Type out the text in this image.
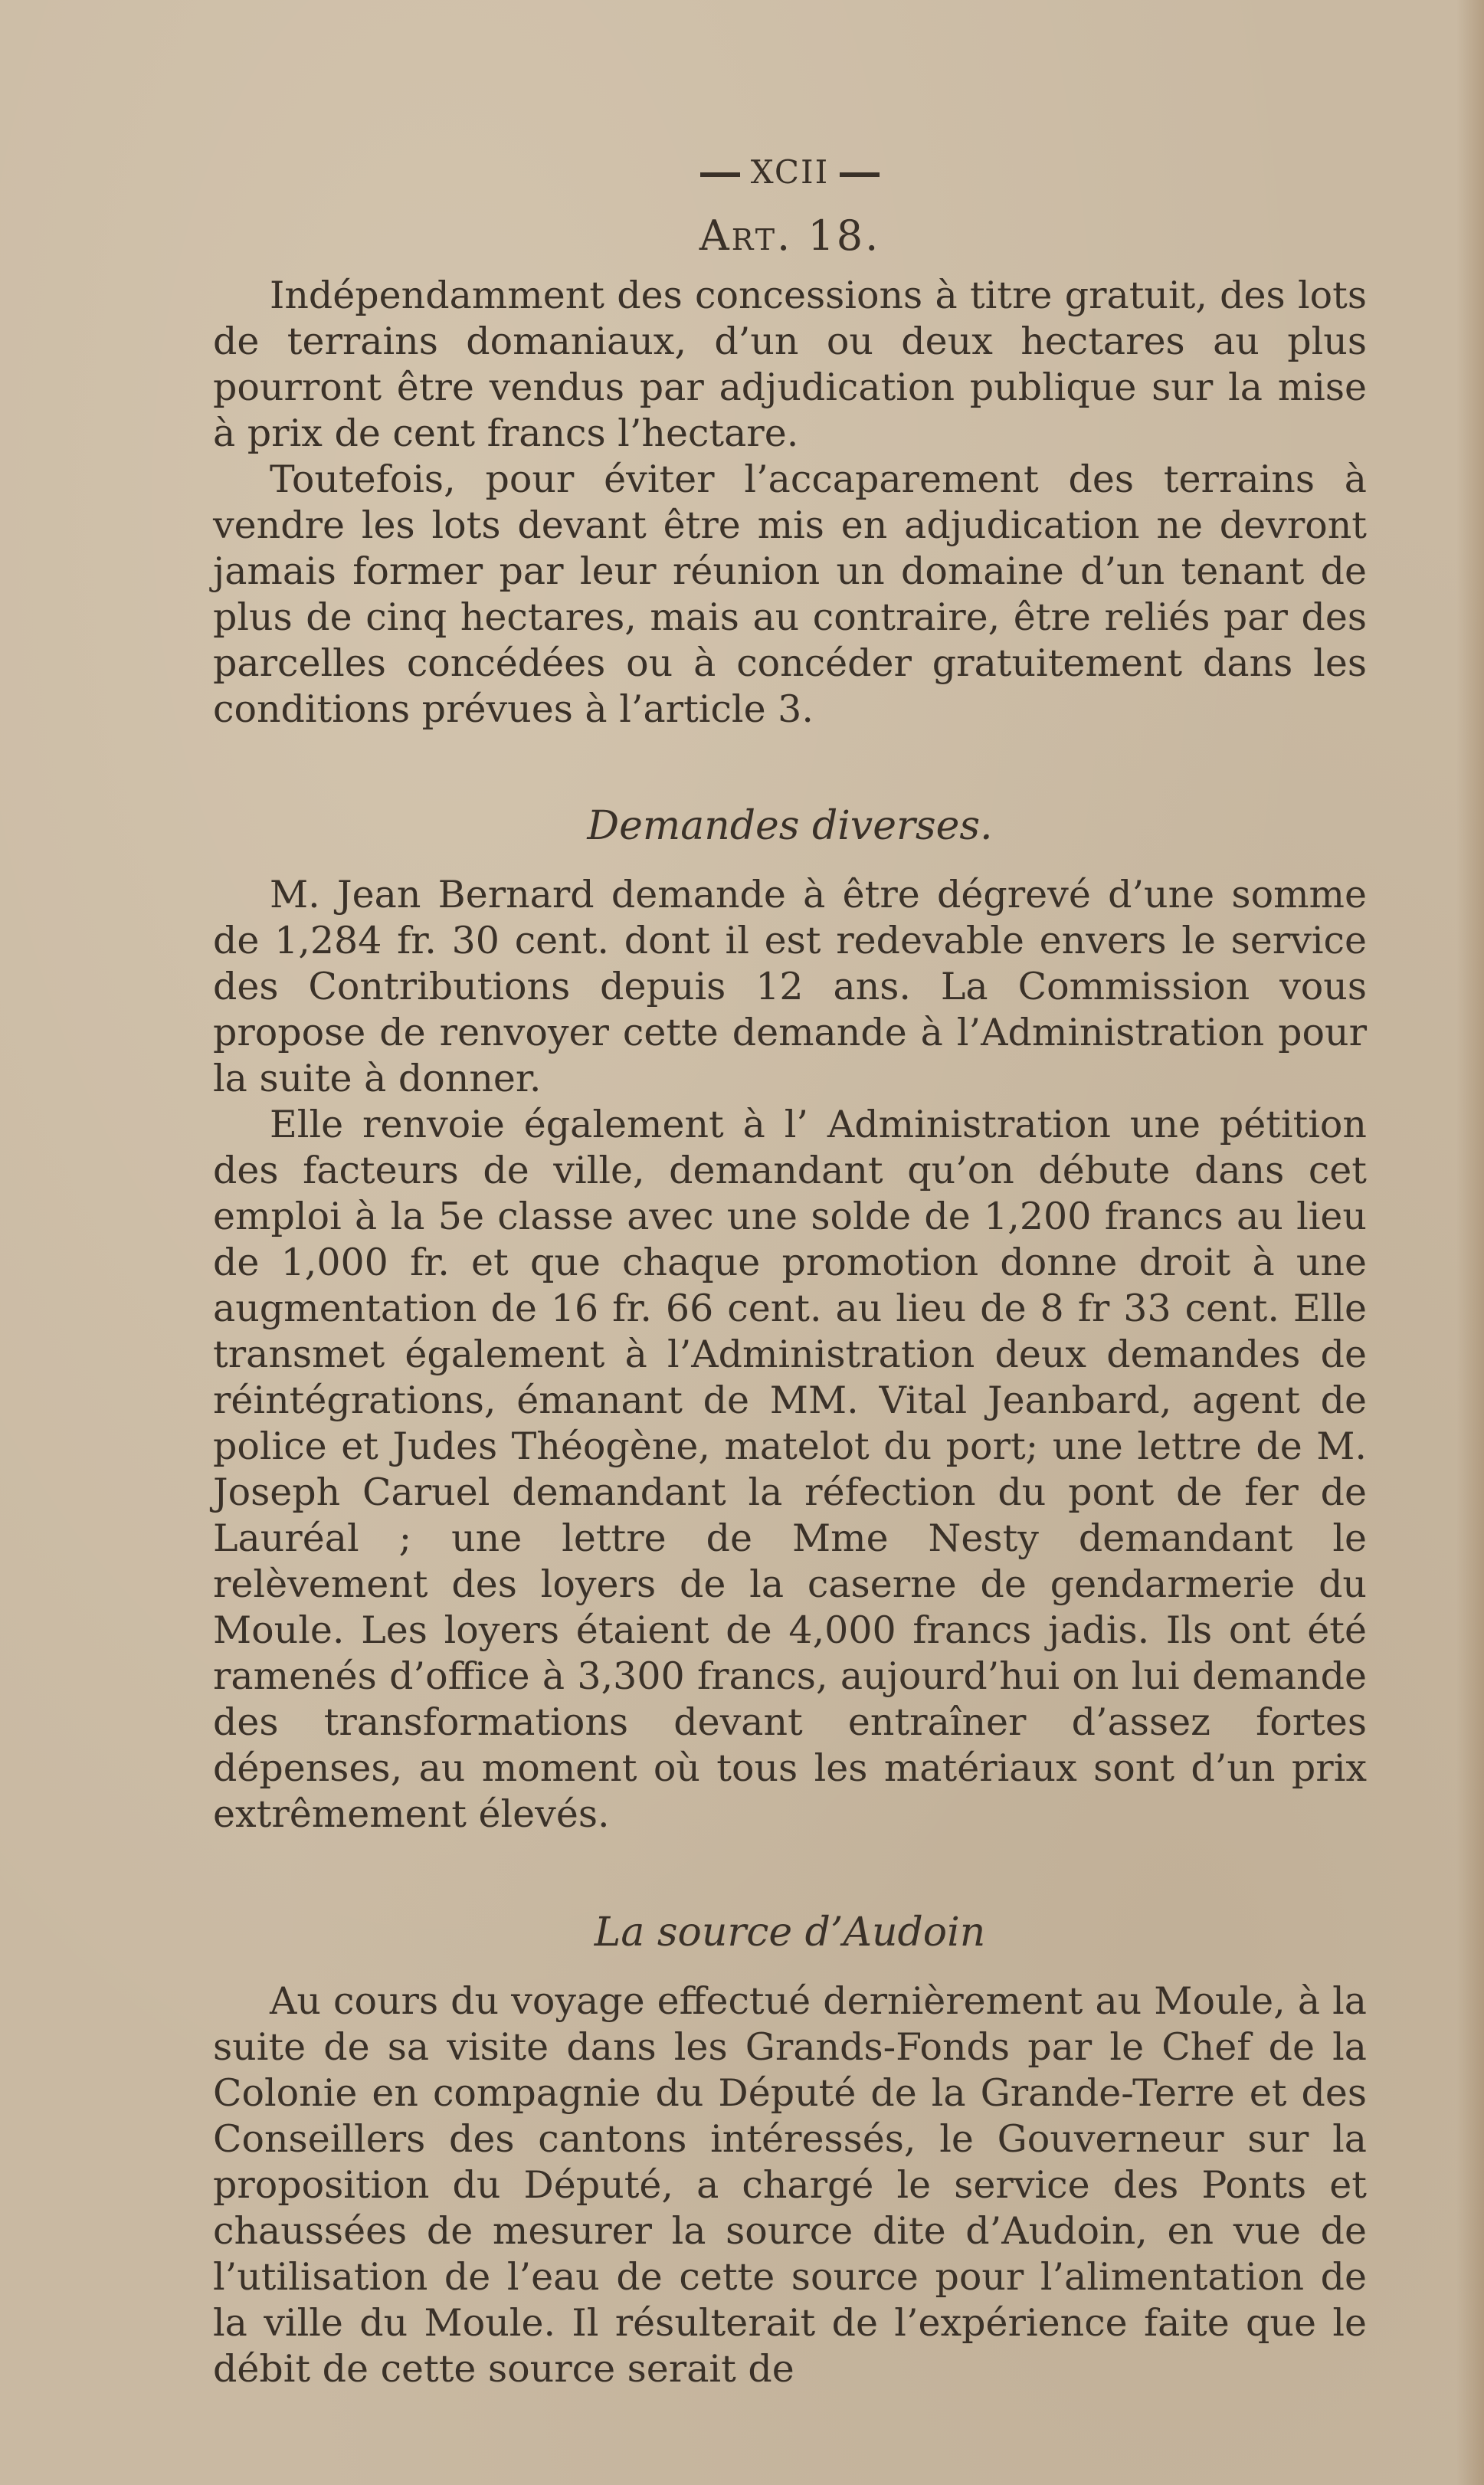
XCII
Art. 18.

Indépendamment des concessions à titre gratuit, des lots de terrains domaniaux, d’un ou deux hectares au plus pourront être vendus par adjudication publique sur la mise à prix de cent francs l’hectare.

Toutefois, pour éviter l’accaparement des terrains à vendre les lots devant être mis en adjudication ne devront jamais former par leur réunion un domaine d’un tenant de plus de cinq hectares, mais au contraire, être reliés par des parcelles concédées ou à concéder gratuitement dans les conditions prévues à l’article 3.

Demandes diverses.

M. Jean Bernard demande à être dégrevé d’une somme de 1,284 fr. 30 cent. dont il est redevable envers le service des Contributions depuis 12 ans. La Commission vous propose de renvoyer cette demande à l’Administration pour la suite à donner.

Elle renvoie également à l’ Administration une pétition des facteurs de ville, demandant qu’on débute dans cet emploi à la 5e classe avec une solde de 1,200 francs au lieu de 1,000 fr. et que chaque promotion donne droit à une augmentation de 16 fr. 66 cent. au lieu de 8 fr 33 cent. Elle transmet également à l’Administration deux demandes de réintégrations, émanant de MM. Vital Jeanbard, agent de police et Judes Théogène, matelot du port; une lettre de M. Joseph Caruel demandant la réfection du pont de fer de Lauréal ; une lettre de Mme Nesty demandant le relèvement des loyers de la caserne de gendarmerie du Moule. Les loyers étaient de 4,000 francs jadis. Ils ont été ramenés d’office à 3,300 francs, aujourd’hui on lui demande des transformations devant entraîner d’assez fortes dépenses, au moment où tous les matériaux sont d’un prix extrêmement élevés.

La source d’Audoin

Au cours du voyage effectué dernièrement au Moule, à la suite de sa visite dans les Grands-Fonds par le Chef de la Colonie en compagnie du Député de la Grande-Terre et des Conseillers des cantons intéressés, le Gouverneur sur la proposition du Député, a chargé le service des Ponts et chaussées de mesurer la source dite d’Audoin, en vue de l’utilisation de l’eau de cette source pour l’alimentation de la ville du Moule. Il résulterait de l’expérience faite que le débit de cette source serait de
